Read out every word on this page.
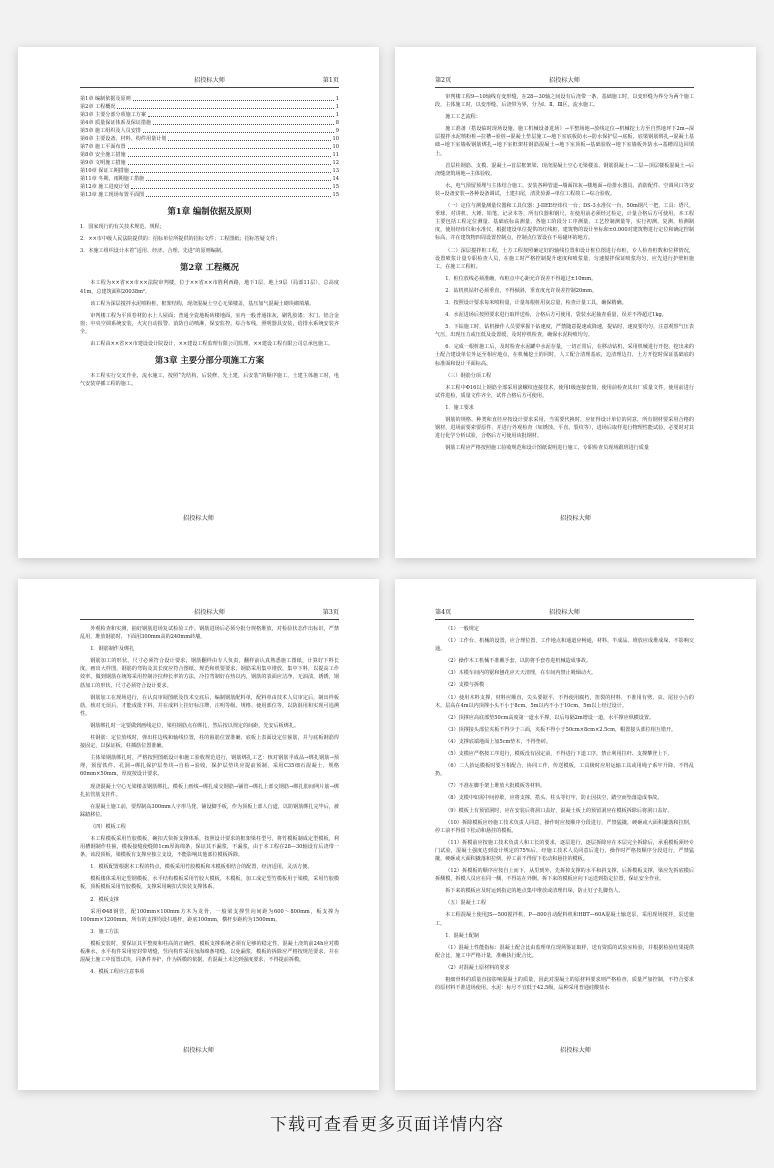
招投标大师	第1页
第1章 编制依据及原则	1
第2章 工程概况	1
第3章 主要分部分项施工方案	1
第4章 质量保证体系及保证措施	8
第5章 施工组织及人员安排	9
第6章 主要设备、材料、构件用量计划	10
第7章 施工平面布置	10
第8章 安全施工措施	11
第9章 文明施工措施	12
第10章 保证工期措施	13
第11章 冬期、雨期施工措施	14
第12章 施工进度计划	15
第13章 施工现场布置平面图	15
第1章 编制依据及原则

1．国家现行的有关技术规范、规程；

2．××市中级人民法院提供的：招标单位所提供的招标文件；工程图纸；招标答疑文件；

3．本施工组织设计本着“适用、经济、合理、先进”的原则编制。

第2章 工程概况

本工程为××省××市××法院审判楼，位于××省××市胜利西路，地下1层，地上9层（局部11层），总高度41m，总建筑面积20038m²。

该工程为深层搅拌水泥喷粉桩，框架结构，现浇混凝土空心无梁楼盖，基压加气混凝土砌块砌填墙。

审判楼工程为平顶卷材防水上人屋面；普通全瓷地板砖楼地面，室内一般普通抹灰，刷乳胶漆；木门、铝合金窗；中央空调系统安装，火灾自动报警、消防自动喷淋，保安监控，综合布线，照明器具安装，给排水系统安装齐全。

由工程由××省××市建设设计院设计，××建设工程监理有限公司监理，××建设工程有限公司总承包施工。

第3章 主要分部分项施工方案

本工程实行交叉作业，流水施工，按照“先结构，后装修，先土建，后安装”的顺序施工，土建主体施工时，电气安装穿插工程的施工。

招投标大师
第2页	招投标大师

审判楼工程9—10轴线有变形缝，在28—30轴之间设有后浇带一条，基础施工时，以变形缝为界分为两个施工段，主体施工时，以变形缝、后浇带为界，分为Ⅰ、Ⅱ、Ⅲ区，流水施工。

施工工艺流程：

施工准备（搭设临时现场设施、施工机械设备进场）→平整场地→放线定位→机械挖土方至自然地坪下2m→深层搅拌水泥喷粉桩→拉槽→验桩→混凝土垫层施工→地下室底板防水→防水保护层→底板、底梁钢筋绑扎→混凝土基础→地下室墙板钢筋绑扎→地下室框架柱钢筋混凝土→地下室顶板→基础验收→地下室墙板外防水→基槽周边回填土。

首层柱钢筋、支模、混凝土→首层框架梁、现浇混凝土空心无梁楼盖，钢筋混凝土→二层—顶层楼板混凝土→后浇缝浇筑场地→主体验收。

水、电气预留预埋与主体结合施工，安装各种管道→墙面抹灰→楼地面→给排水器具、消防配件、空调风口等安装→设备安装→各种设备调试，土建扫尾，清洗验源→单位工程竣工→综合验收。

（一）定位与测量测量仪器和工具仪器：J-IIEE经纬仪一台；DS-3水准仪一台，50m钢尺一把，工具：塔尺、垂球、对讲机、大锤、铅笔、记录本等，所有仪器和钢尺，在使用前必须经过检定，计量合格后方可使用。本工程主要包括工程定位测量、基础底标高测量、各施工阶段分工序测量、工艺控制测量等，实行初测、复测、检测制度，使用经纬仪和水准仪，根据建设单位提供的红线桩、建筑物的设计坐标和±0.000对建筑物进行定位和确定控制标高，并在建筑物四周设置控制点，控制点位置设在不易碰坏的地方。

（二）深层搅拌桩工程，土方工程按照确定好的轴线位置和设计桩位图进行布桩，专人检查桩数和位移情况，设置喷浆计量专职检查人员，在施工时严格控制提升速度和喷浆量，匀速搅拌保证喷浆均匀，应先进行护壁桩施工，在施工工程桩。

1．桩位放线必须准确，布桩点中心距允许误差不得超过±10mm。

2．钻机机钻杆必须垂直，不得倾斜，垂直度允许误差控制20mm。

3．按照设计要求每米喷粉量，计量每根桩用灰总量，检查计量工具，确保精确。

4．水泥进场后按照要求进行取样送检，合格后方可使用，袋装水泥抽查重量，误差不得超过1kg。

5．下钻施工时，钻机操作人员要掌握下钻速度，严禁随意提速或降速，提钻时，速度要均匀，注意观察气压表气压，出现压力或压低及设置缓，及时停机检查，确保水泥粉喷均匀。

6．完成一根桩施工后，及时检查水泥罐中水泥存量，一切正常后，在移动钻机，采用机械进行开挖，挖出来的土配合建设单位外运至相应地点，在机械挖土的同时，人工配合清理基底，边清理边打，土方开挖时保证基础底的标准面和设计平面标高。

（三）钢筋分项工程

本工程中Φ16以上钢筋全部采用滚螺纹连接技术，使用Ⅰ级连接套筒，使用前检查其出厂质量文件，使用前进行试件进检，质量文件齐全，试件合格后方可使用。

1．施工要求

钢筋的规格、种类和直径应按设计要求采用，当需要代换时，应征得设计单位的同意，所有钢材要采用合格的钢材，进场前要索要原件，并进行外观检查（如锈蚀、平直、裂纹等），进场后取样进行物理性能试验，必要时对其进行化学分析试验，合格后方可使用该批钢材。

钢筋工程应严格按照施工验收规范和设计图纸说明进行施工，专职检查员现场跟班进行质量

招投标大师
招投标大师	第3页

外观检查和实测，抽好钢筋进场复试检验工作。钢筋进场后必须分批分规格堆放，对检验状态作出标识，严禁乱用，堆放钢筋时，下面用300mm高的240mm砖墙。

1．钢筋制作及绑扎

钢筋加工的形状、尺寸必须符合设计要求，钢筋翻样由专人负责，翻样前认真熟悉施工图纸，计算好下料长度，画出大样图，钢筋的弯钩及其长度应符合图纸、规范和机要要求，钢筋采用集中堆放，集中下料，以提高工作效率。做到钢筋在统筹采用控制冷拉伸长率的方法，冷拉弯制好在热以内，钢筋的表面应洁净，无油渍，锈锈，钢筋加工的形状、尺寸必须符合设计要求。

钢筋加工在现场进行，在认真审阅图纸及技术交底后，编制钢筋配料单，配料单由技术人员审定后，制出样板筋，核对无误后，才能成批下料，并在成料上挂好标注牌，注明等级、规格、使用部位等，以防混用和实现可追溯性。

钢筋绑扎时一定要做到画线定位，梁柱钢筋点在绑扎，然后按以规定的间距，先安后板绑扎。

柱钢筋：定位放线时，弹出柱边线和轴线位置，柱的箍筋位置准确，底板上表面设定位箍筋，并与底板钢筋焊接固定，以保证板、柱插筋位置准确。

主体梁钢筋绑扎时，严格按照图纸设计和施工验收规范进行，钢筋绑扎工艺：核对钢筋半成品→绑扎钢筋→预埋，预留铁件、孔洞→绑扎保护层垫块→自检→验收，保护层垫块应提前预制，采用C35细石混凝土，规格60mm×50mm，厚度按设计要求。

现浇混凝土空心无梁楼盖钢筋绑扎，模板上画线→绑扎成交钢筋→铺管→绑扎上部交钢筋→绑扎肋间网片筋→绑扎抗管筋支挂件。

在混凝土施工前，要焊制高300mm人字形马凳，铺设脚手板，作为顶板上部人行道，以防钢筋绑扎完毕后，被踩踏移位。

（四）模板工程

本工程模板采用竹胶模板，碗扣式快拆支撑体系，按照设计要求的框架梁柱型号，将竹模板制成定型模板，利用槽钢制作柱箍，模板接缝使缝隙1cm厚海绵条，保证其不漏浆，不漏浆，由于本工程在28—30轴设有后浇带一条，该段顶板，梁模板有支撑应独立支设，不能影响其他部位模板拆除。

1．模板配置根据本工程的特点，模板采用竹胶模板和木模板相结合的配置，经济适用，灵活方便。

模板楼体采用定型钢模板，水平结构模板采用竹胶大模板，木模板，加工成定型竹模板用于梁模，采用竹胶模板，顶板模板采用竹胶模板，支撑采用碗扣式快装支撑体系。

2．模板支撑

采用Φ48钢管，配100mm×100mm方木为龙骨，一般梁支撑竖向间距为600～800mm，板支撑为100mm×1200mm，所有的支撑均设扫地杆，距底100mm，横杆步距约为1500mm。

3．施工方法

模板安装时，要保证其平整度和柱高的正确性，模板支撑系统必须有足够的稳定性，混凝土浇筑前24h应对模板淋水，水平构件采用密封带堵缝，竖向构件采用加海绵条堵缝，以免漏浆，模板的拆除应严格按规范要求，并在混凝土施工中留置试块，同条件养护，作为拆模的依据，若混凝土未达到强度要求，不得提前拆模。

4．模板工程应注意事项

招投标大师
第4页	招投标大师

（1）一般规定

（1）工作台、机械的设置，应合理位置，工作地点和通道应畅通，材料、半成品、堆放应成堆成垛，不影响交通。

（2）操作木工机械不准戴手套，以防将手套卷进机械造成事故。

（3）木模车间内的锯和刨花应天天清理，在车间内禁止吸烟动火。

（2）支模与拆模

（1）使用木料支撑，材料应顺直，尖头要锯平，不得使用腐朽，扭裂的材料，不准用有劈、虫、尾径小合的木，层高在4m以内顶撑小头不小于8cm，5m以内不小于10cm，5m以上经过设计。

（2）顶撑应高底部垫50cm高度第一道水平撑，以后每隔2m增设一道，水平撑应纵横设置。

（3）顶撑接头部位夹板不得少于三面，夹板不得小于50cm×8cm×2.5cm，帽置接头部位相互错开。

（4）支撑底端地面上加5cm垫木，不得垫砖。

（5）支模应严格按工序进行，模板没有固定前，不得进行下道工序，禁止利用拉杆、支撑攀登上下。

（6）二人抬运模板时要互相配合，协同工作，传送模板，工具极时应用运输工具或用绳子系牢升降，不得乱扔。

（7）不准在脚手架上堆放大批模板等材料。

（8）支模中如需中间停歇，应将支撑、搭头、柱头等钉牢，防止因扶空，踏空而坠落造成事故。

（9）模板上有预留洞时，应在安装后将洞口盖好，混凝土板上的预留洞应在模板拆除后将洞口盖好。

（10）拆除模板应经施工技术负责人同意，操作时应按顺序分段进行，严禁猛撬，硬砸或大面积撬落和拉倒，停工前不得留下松动和悬挂的模板。

（11）拆模前应按施工技术负责人和工长的要求，逐层进行，逐层拆除应在本层完全拆除后，承重模板须经专门试验，混凝土强度达到设计规定的75%后，经施工技术人员同意后进行，操作时严格按顺序分段进行，严禁猛撬，硬砸或大面积撬落和拉倒，停工前不得留下松动和悬挂的模板。

（12）拆模板的顺序应按自上而下，从里到外，先拆掉支撑的水平和斜支撑，后拆模板支撑，梁应先拆底模后拆侧模，拆模人员应在同一侧，不得站在外侧。拆下来的模板应向下运送到指定位置，保证安全作业。

拆下来的模板应及时运到指定的地点集中堆放或清理归垛，防止钉子扎脚伤人。

（五）混凝土工程

本工程混凝土使用JS—500搅拌机，P—800自动配料机和HBT—60A混凝土输送泵，采用现场搅拌，泵送施工。

1．混凝土配制

（1）混凝土性能指标：混凝土配合比由监理单位现场鉴证取样，送有资质的试验室检验，并根据检验结果提供配合比，施工中严格计量，准确执行配合比。

（2）对混凝土原材料的要求

粗细骨料的质量直接影响混凝土的质量，因此对混凝土的原材料要求则严格检查，质量严加控制，不符合要求的原材料不准进场使用。水泥：标号不宜低于42.5级，品种采用普通硅酸盐水

招投标大师
下载可查看更多页面详情内容
